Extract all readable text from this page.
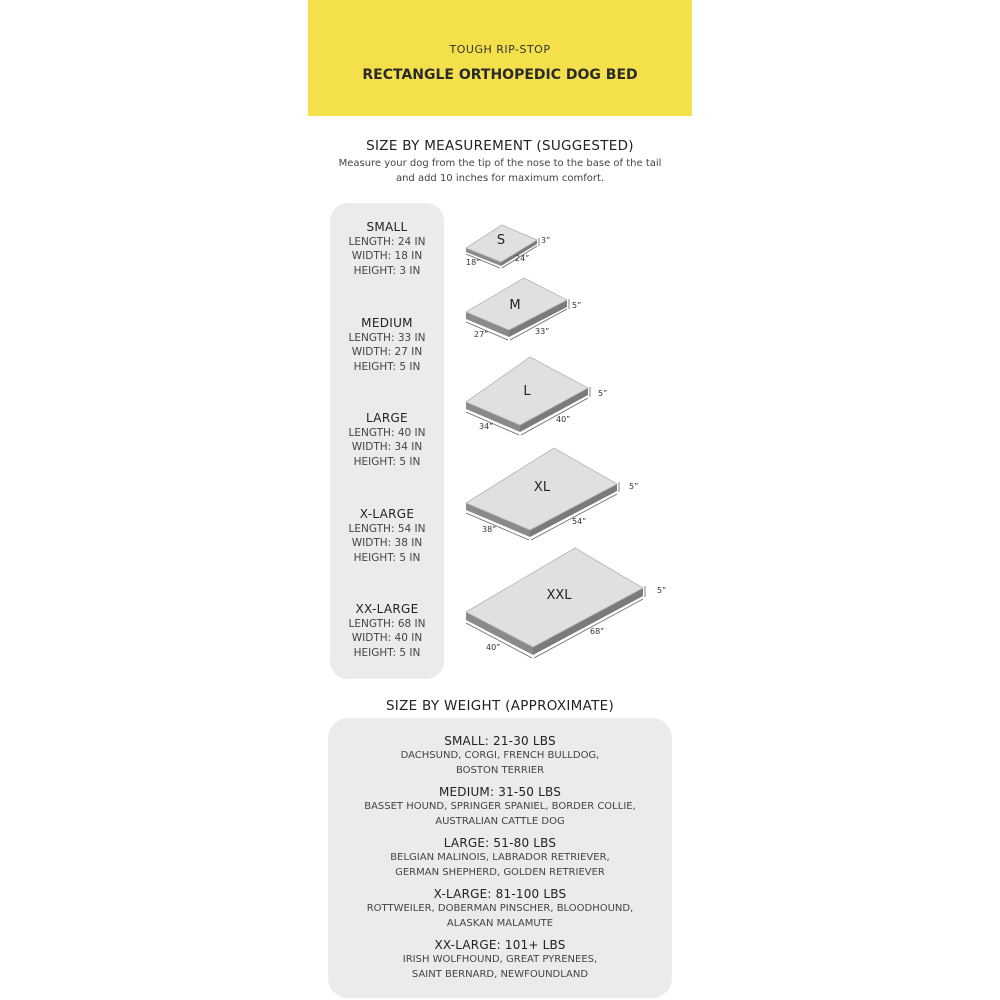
TOUGH RIP-STOP
RECTANGLE ORTHOPEDIC DOG BED
SIZE BY MEASUREMENT (SUGGESTED)
Measure your dog from the tip of the nose to the base of the tail
and add 10 inches for maximum comfort.
SMALL
LENGTH: 24 IN
WIDTH: 18 IN
HEIGHT: 3 IN
MEDIUM
LENGTH: 33 IN
WIDTH: 27 IN
HEIGHT: 5 IN
LARGE
LENGTH: 40 IN
WIDTH: 34 IN
HEIGHT: 5 IN
X-LARGE
LENGTH: 54 IN
WIDTH: 38 IN
HEIGHT: 5 IN
XX-LARGE
LENGTH: 68 IN
WIDTH: 40 IN
HEIGHT: 5 IN
S	3”
18”	24”
M	5”
27”	33”
L	5”
34”
40”
XL	5”
38”
54”
XXL	5”
40”
68”
SIZE BY WEIGHT (APPROXIMATE)
SMALL: 21-30 LBS
DACHSUND, CORGI, FRENCH BULLDOG,
BOSTON TERRIER
MEDIUM: 31-50 LBS
BASSET HOUND, SPRINGER SPANIEL, BORDER COLLIE,
AUSTRALIAN CATTLE DOG
LARGE: 51-80 LBS
BELGIAN MALINOIS, LABRADOR RETRIEVER,
GERMAN SHEPHERD, GOLDEN RETRIEVER
X-LARGE: 81-100 LBS
ROTTWEILER, DOBERMAN PINSCHER, BLOODHOUND,
ALASKAN MALAMUTE
XX-LARGE: 101+ LBS
IRISH WOLFHOUND, GREAT PYRENEES,
SAINT BERNARD, NEWFOUNDLAND
